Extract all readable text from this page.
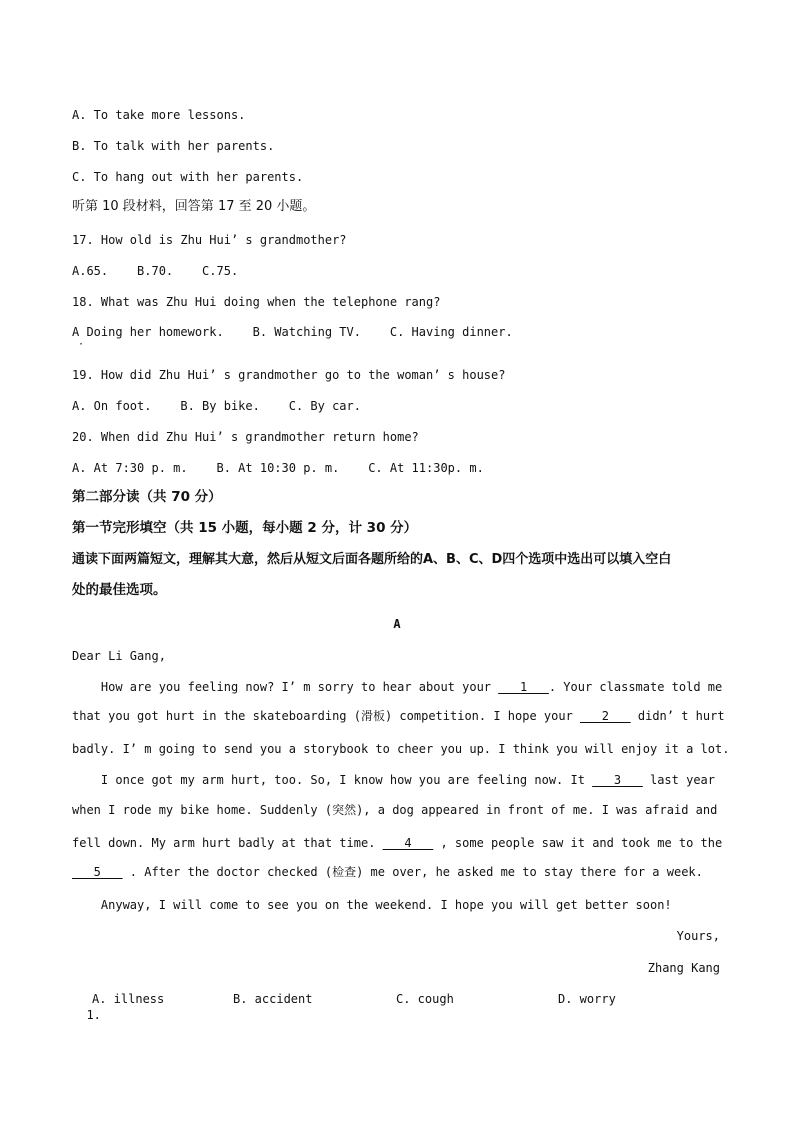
A. To take more lessons.
B. To talk with her parents.
C. To hang out with her parents.
听第 10 段材料，回答第 17 至 20 小题。
17. How old is Zhu Hui’ s grandmother?
A.65.    B.70.    C.75.
18. What was Zhu Hui doing when the telephone rang?
A Doing her homework.    B. Watching TV.    C. Having dinner.
·
19. How did Zhu Hui’ s grandmother go to the woman’ s house?
A. On foot.    B. By bike.    C. By car.
20. When did Zhu Hui’ s grandmother return home?
A. At 7:30 p. m.    B. At 10:30 p. m.    C. At 11:30p. m.
第二部分读（共 70 分）
第一节完形填空（共 15 小题，每小题 2 分，计 30 分）
通读下面两篇短文，理解其大意，然后从短文后面各题所给的A、B、C、D四个选项中选出可以填入空白
处的最佳选项。
A
Dear Li Gang,
How are you feeling now? I’ m sorry to hear about your ___1___. Your classmate told me
that you got hurt in the skateboarding (滑板) competition. I hope your ___2___ didn’ t hurt
badly. I’ m going to send you a storybook to cheer you up. I think you will enjoy it a lot.
I once got my arm hurt, too. So, I know how you are feeling now. It ___3___ last year
when I rode my bike home. Suddenly (突然), a dog appeared in front of me. I was afraid and
fell down. My arm hurt badly at that time. ___4___ , some people saw it and took me to the
___5___ . After the doctor checked (检查) me over, he asked me to stay there for a week.
Anyway, I will come to see you on the weekend. I hope you will get better soon!
Yours,
Zhang Kang

1.

A. illness	B. accident	C. cough	D. worry
